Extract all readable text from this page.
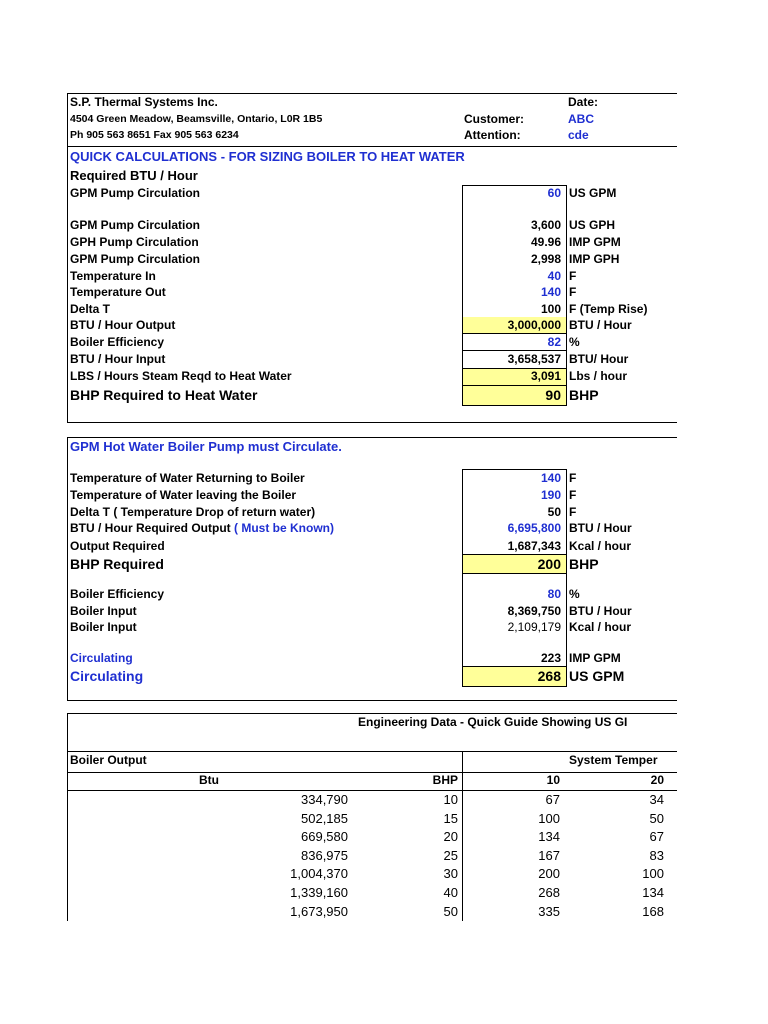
S.P. Thermal Systems Inc.
4504 Green Meadow, Beamsville, Ontario, L0R 1B5
Ph 905 563 8651 Fax 905 563 6234
Date:
Customer:	ABC
Attention:	cde
QUICK CALCULATIONS - FOR SIZING BOILER TO HEAT WATER
Required BTU / Hour
GPM Pump Circulation	60 US GPM
GPM Pump Circulation	3,600 US GPH
GPH Pump Circulation	49.96 IMP GPM
GPM Pump Circulation	2,998 IMP GPH
Temperature In	40 F
Temperature Out	140 F
Delta T	100 F (Temp Rise)
BTU / Hour Output	3,000,000 BTU / Hour
Boiler Efficiency	82 %
BTU / Hour Input	3,658,537 BTU/ Hour
LBS / Hours Steam Reqd to Heat Water	3,091 Lbs / hour
BHP Required to Heat Water	90 BHP
GPM Hot Water Boiler Pump must Circulate.
Temperature of Water Returning to Boiler	140 F
Temperature of Water leaving the Boiler	190 F
Delta T ( Temperature Drop of return water)	50 F
BTU / Hour Required Output ( Must be Known)	6,695,800 BTU / Hour
Output Required	1,687,343 Kcal / hour
BHP Required	200 BHP
Boiler Efficiency	80 %
Boiler Input	8,369,750 BTU / Hour
Boiler Input	2,109,179 Kcal / hour
Circulating	223 IMP GPM
Circulating	268 US GPM
Engineering Data - Quick Guide Showing US GI
Boiler Output	System Temper
Btu	BHP	10	20
334,790	10	67	34
502,185	15	100	50
669,580	20	134	67
836,975	25	167	83
1,004,370	30	200	100
1,339,160	40	268	134
1,673,950	50	335	168
